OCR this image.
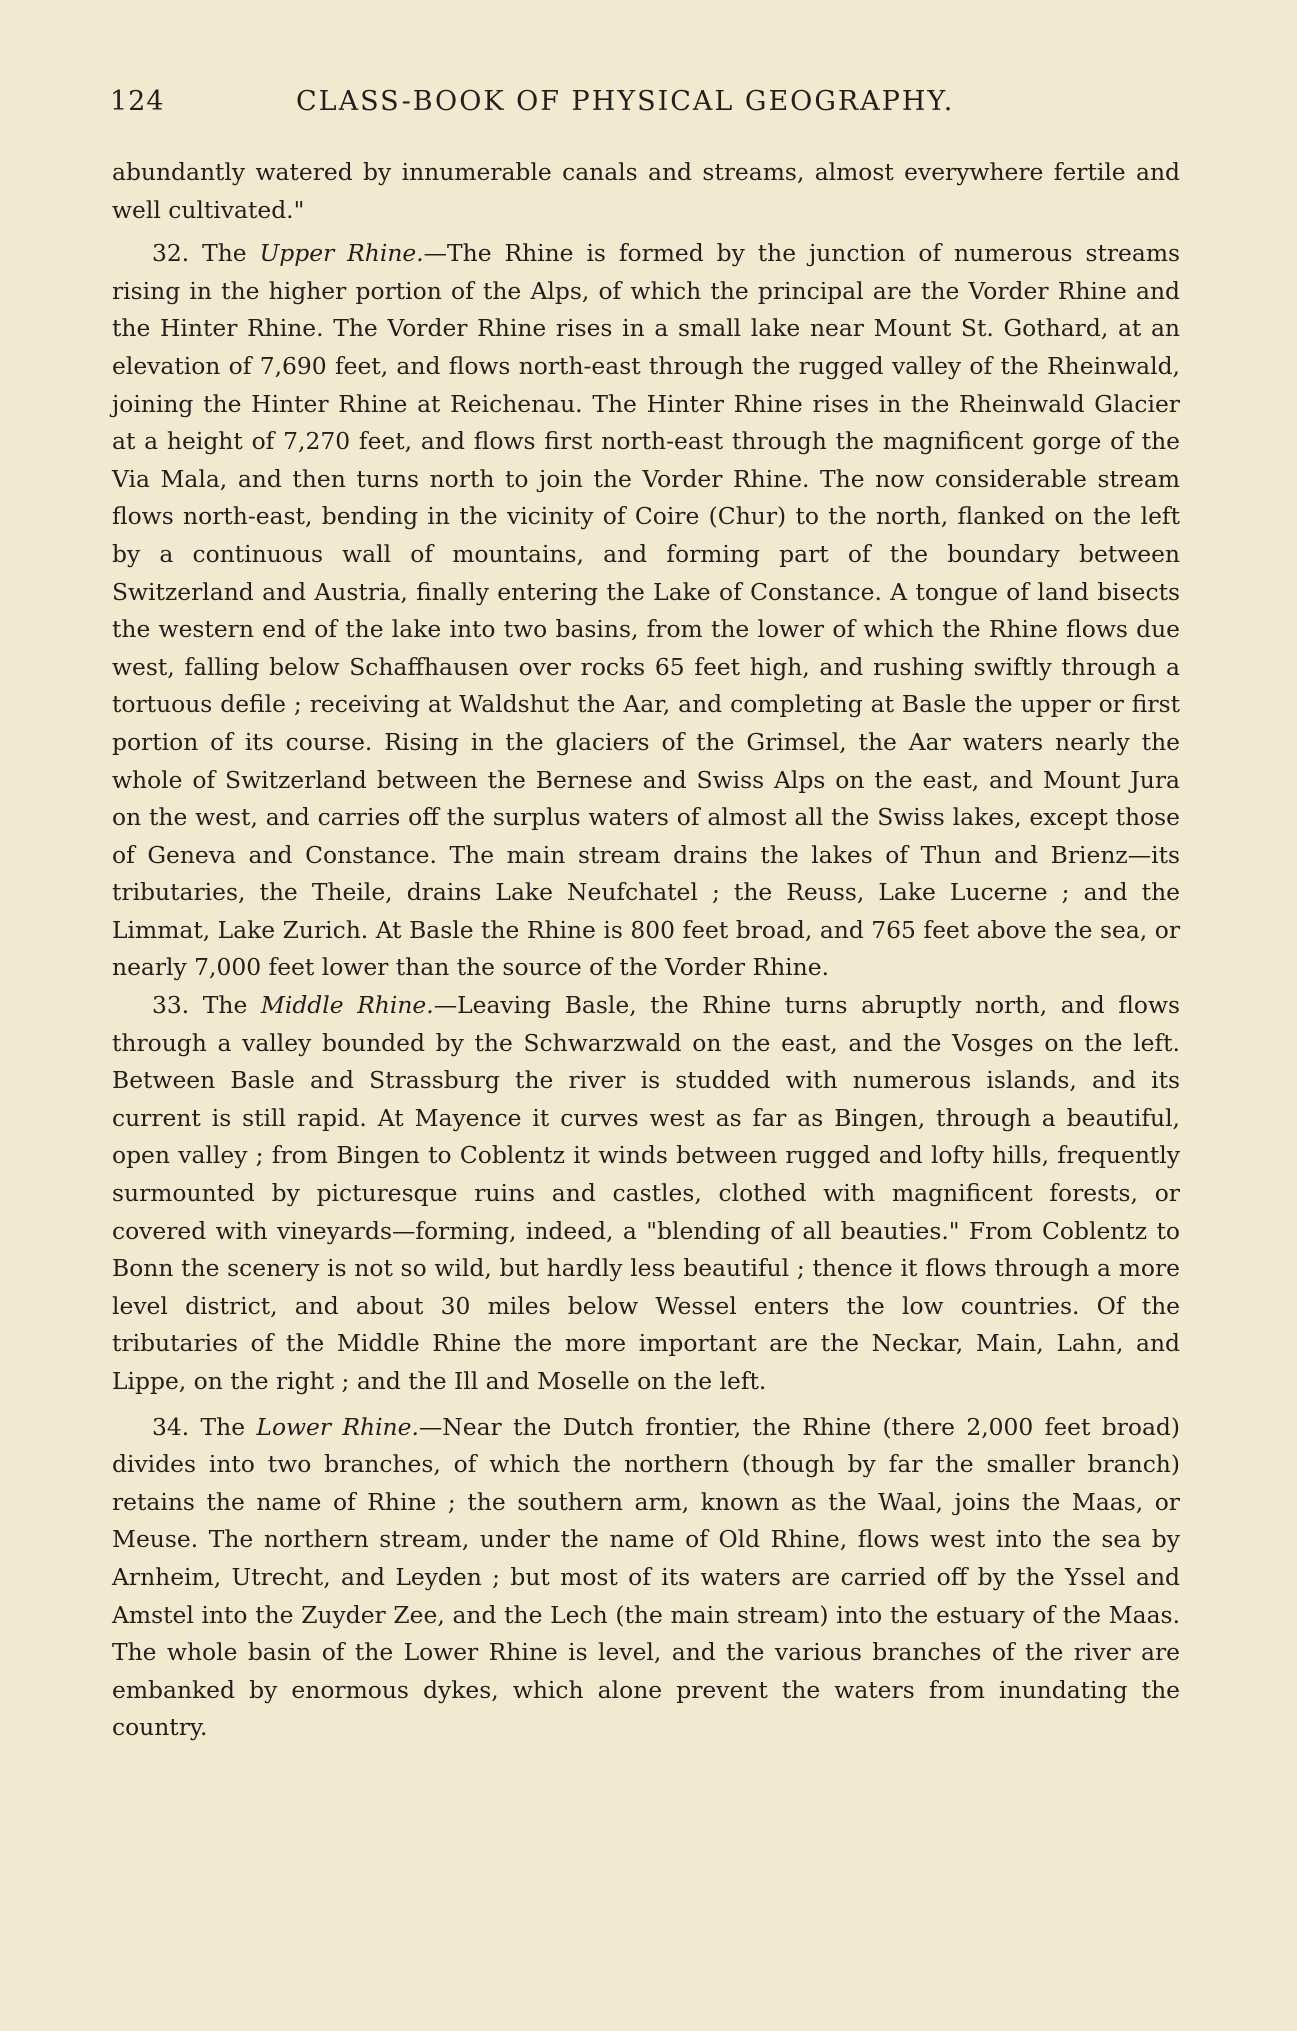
124	CLASS-BOOK OF PHYSICAL GEOGRAPHY.

abundantly watered by innumerable canals and streams, almost everywhere fertile and well cultivated."

32. The Upper Rhine.—The Rhine is formed by the junction of numerous streams rising in the higher portion of the Alps, of which the principal are the Vorder Rhine and the Hinter Rhine. The Vorder Rhine rises in a small lake near Mount St. Gothard, at an elevation of 7,690 feet, and flows north-east through the rugged valley of the Rheinwald, joining the Hinter Rhine at Reichenau. The Hinter Rhine rises in the Rheinwald Glacier at a height of 7,270 feet, and flows first north-east through the magnificent gorge of the Via Mala, and then turns north to join the Vorder Rhine. The now considerable stream flows north-east, bending in the vicinity of Coire (Chur) to the north, flanked on the left by a continuous wall of mountains, and forming part of the boundary between Switzerland and Austria, finally entering the Lake of Constance. A tongue of land bisects the western end of the lake into two basins, from the lower of which the Rhine flows due west, falling below Schaffhausen over rocks 65 feet high, and rushing swiftly through a tortuous defile ; receiving at Waldshut the Aar, and completing at Basle the upper or first portion of its course. Rising in the glaciers of the Grimsel, the Aar waters nearly the whole of Switzerland between the Bernese and Swiss Alps on the east, and Mount Jura on the west, and carries off the surplus waters of almost all the Swiss lakes, except those of Geneva and Constance. The main stream drains the lakes of Thun and Brienz—its tributaries, the Theile, drains Lake Neufchatel ; the Reuss, Lake Lucerne ; and the Limmat, Lake Zurich. At Basle the Rhine is 800 feet broad, and 765 feet above the sea, or nearly 7,000 feet lower than the source of the Vorder Rhine.

33. The Middle Rhine.—Leaving Basle, the Rhine turns abruptly north, and flows through a valley bounded by the Schwarzwald on the east, and the Vosges on the left. Between Basle and Strassburg the river is studded with numerous islands, and its current is still rapid. At Mayence it curves west as far as Bingen, through a beautiful, open valley ; from Bingen to Coblentz it winds between rugged and lofty hills, frequently surmounted by picturesque ruins and castles, clothed with magnificent forests, or covered with vineyards—forming, indeed, a "blending of all beauties." From Coblentz to Bonn the scenery is not so wild, but hardly less beautiful ; thence it flows through a more level district, and about 30 miles below Wessel enters the low countries. Of the tributaries of the Middle Rhine the more important are the Neckar, Main, Lahn, and Lippe, on the right ; and the Ill and Moselle on the left.

34. The Lower Rhine.—Near the Dutch frontier, the Rhine (there 2,000 feet broad) divides into two branches, of which the northern (though by far the smaller branch) retains the name of Rhine ; the southern arm, known as the Waal, joins the Maas, or Meuse. The northern stream, under the name of Old Rhine, flows west into the sea by Arnheim, Utrecht, and Leyden ; but most of its waters are carried off by the Yssel and Amstel into the Zuyder Zee, and the Lech (the main stream) into the estuary of the Maas. The whole basin of the Lower Rhine is level, and the various branches of the river are embanked by enormous dykes, which alone prevent the waters from inundating the country.
